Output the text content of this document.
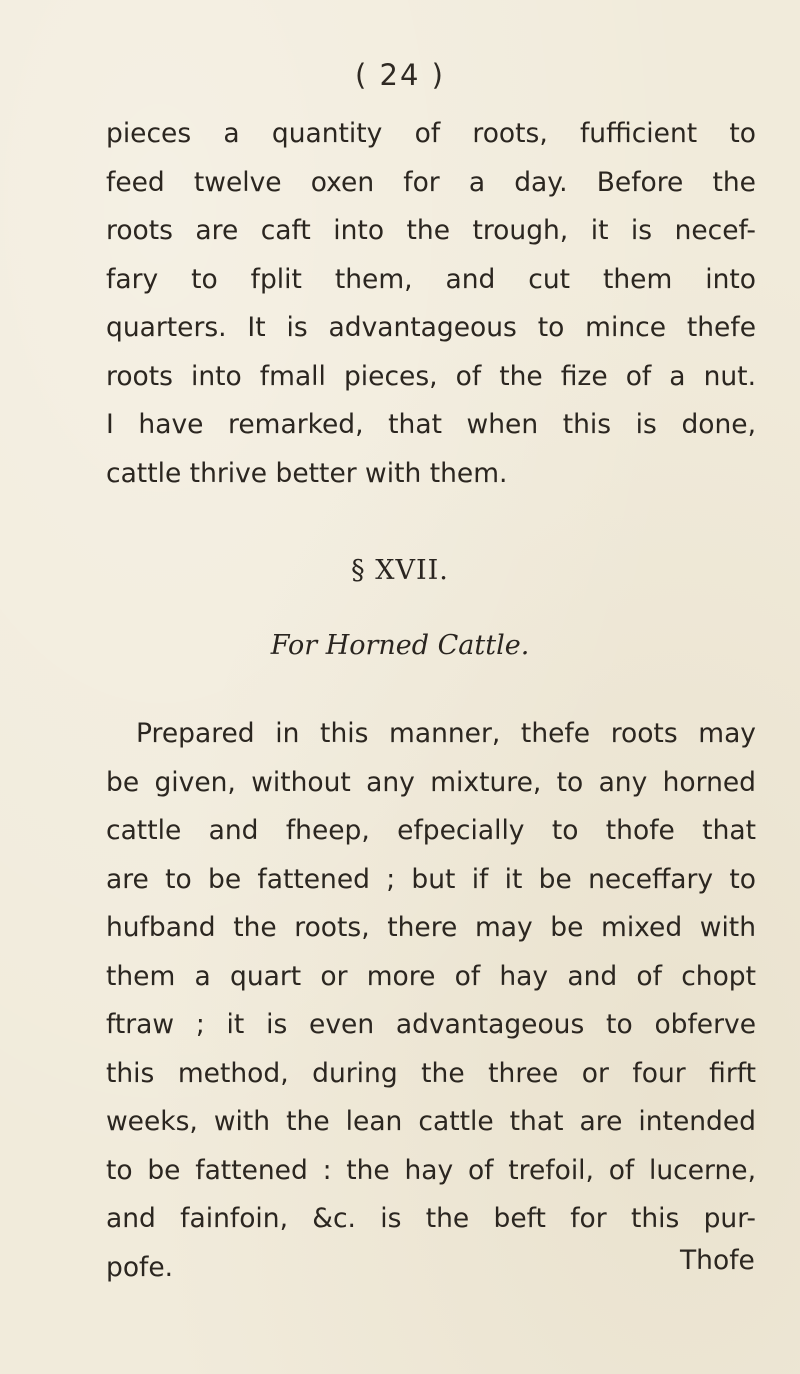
( 24 )
pieces a quantity of roots, fufficient to
feed twelve oxen for a day. Before the
roots are caft into the trough, it is necef-
fary to fplit them, and cut them into
quarters. It is advantageous to mince thefe
roots into fmall pieces, of the fize of a nut.
I have remarked, that when this is done,
cattle thrive better with them.
§ XVII.
For Horned Cattle.
Prepared in this manner, thefe roots may
be given, without any mixture, to any horned
cattle and fheep, efpecially to thofe that
are to be fattened ; but if it be neceffary to
hufband the roots, there may be mixed with
them a quart or more of hay and of chopt
ftraw ; it is even advantageous to obferve
this method, during the three or four firft
weeks, with the lean cattle that are intended
to be fattened : the hay of trefoil, of lucerne,
and fainfoin, &c. is the beft for this pur-
pofe.	Thofe
